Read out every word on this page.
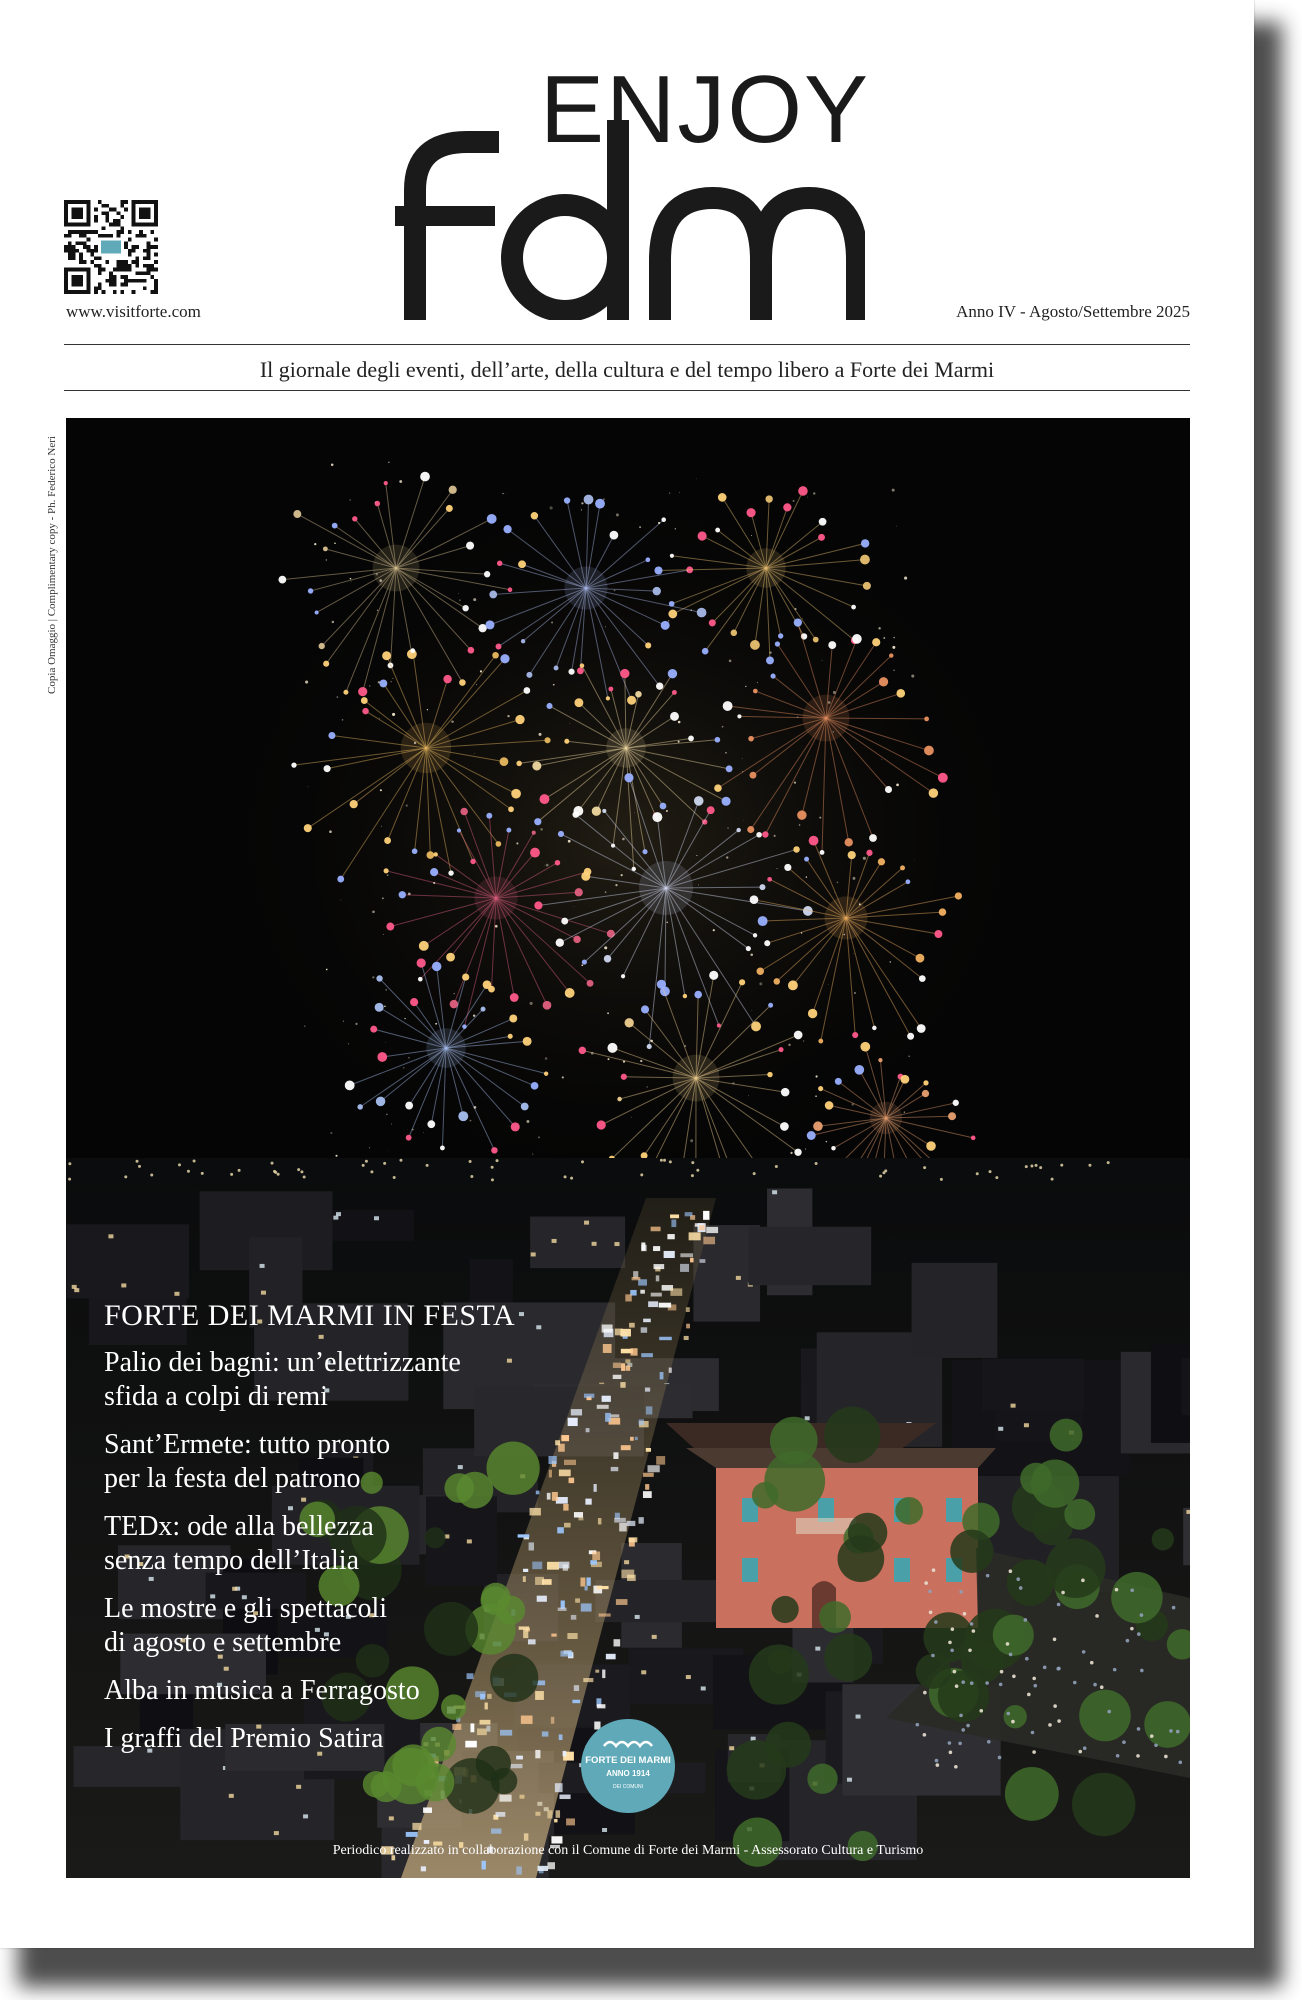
ENJOY
www.visitforte.com	Anno IV - Agosto/Settembre 2025
Il giornale degli eventi, dell’arte, della cultura e del tempo libero a Forte dei Marmi
Copia Omaggio | Complimentary copy - Ph. Federico Neri
FORTE DEI MARMI IN FESTA
Palio dei bagni: un’elettrizzante
sfida a colpi di remi
Sant’Ermete: tutto pronto
per la festa del patrono
TEDx: ode alla bellezza
senza tempo dell’Italia
Le mostre e gli spettacoli
di agosto e settembre
Alba in musica a Ferragosto
I graffi del Premio Satira
FORTE DEI MARMI
ANNO 1914
DEI COMUNI
Periodico realizzato in collaborazione con il Comune di Forte dei Marmi - Assessorato Cultura e Turismo
